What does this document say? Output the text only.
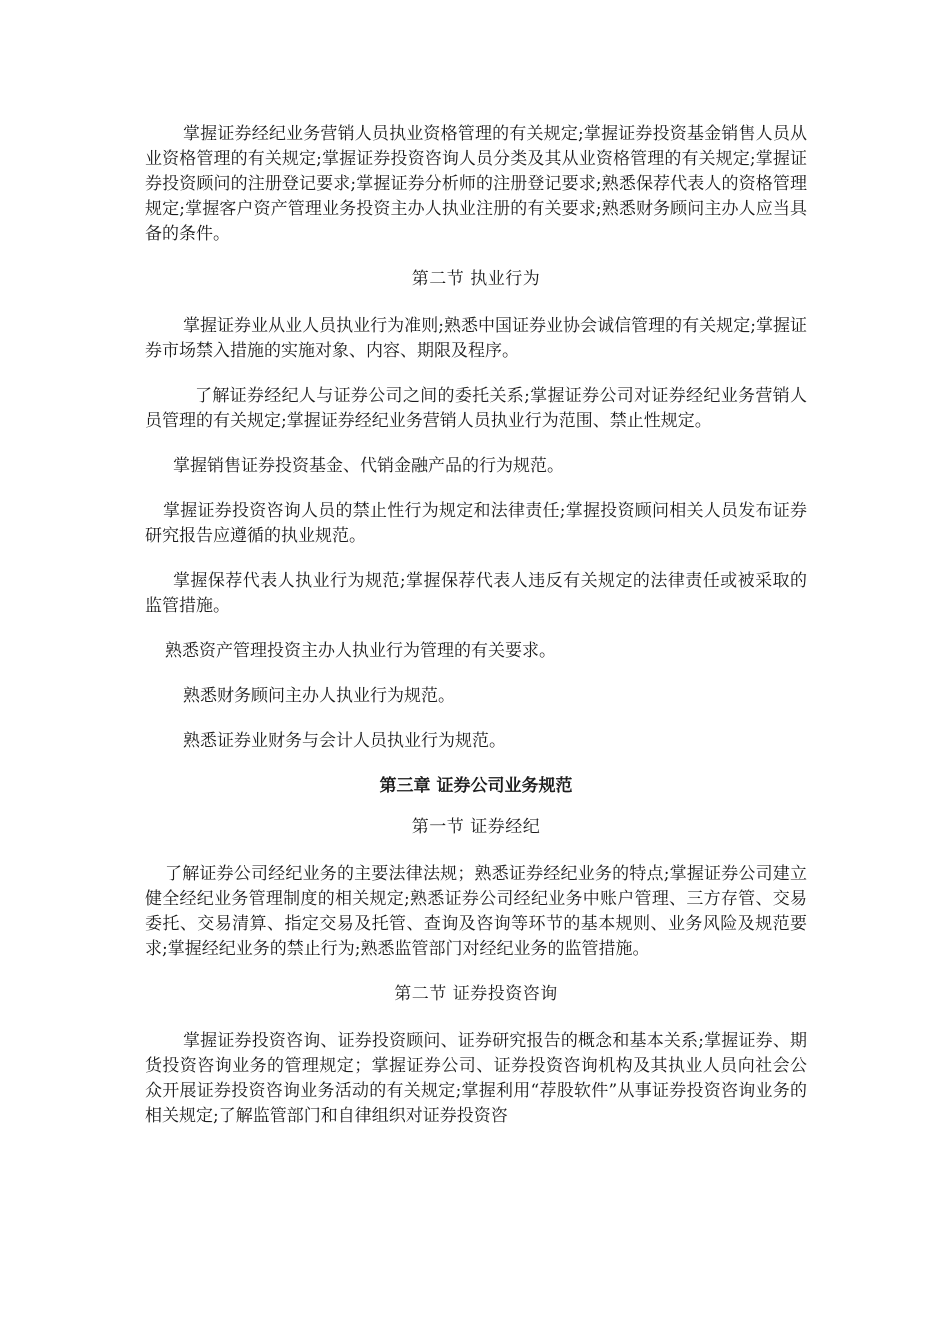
掌握证券经纪业务营销人员执业资格管理的有关规定;掌握证券投资基金销售人员从业资格管理的有关规定;掌握证券投资咨询人员分类及其从业资格管理的有关规定;掌握证券投资顾问的注册登记要求;掌握证券分析师的注册登记要求;熟悉保荐代表人的资格管理规定;掌握客户资产管理业务投资主办人执业注册的有关要求;熟悉财务顾问主办人应当具备的条件。

第二节 执业行为

掌握证券业从业人员执业行为准则;熟悉中国证券业协会诚信管理的有关规定;掌握证券市场禁入措施的实施对象、内容、期限及程序。

了解证券经纪人与证券公司之间的委托关系;掌握证券公司对证券经纪业务营销人员管理的有关规定;掌握证券经纪业务营销人员执业行为范围、禁止性规定。

掌握销售证券投资基金、代销金融产品的行为规范。

掌握证券投资咨询人员的禁止性行为规定和法律责任;掌握投资顾问相关人员发布证券研究报告应遵循的执业规范。

掌握保荐代表人执业行为规范;掌握保荐代表人违反有关规定的法律责任或被采取的监管措施。

熟悉资产管理投资主办人执业行为管理的有关要求。

熟悉财务顾问主办人执业行为规范。

熟悉证券业财务与会计人员执业行为规范。

第三章 证券公司业务规范
第一节 证券经纪

了解证券公司经纪业务的主要法律法规；熟悉证券经纪业务的特点;掌握证券公司建立健全经纪业务管理制度的相关规定;熟悉证券公司经纪业务中账户管理、三方存管、交易委托、交易清算、指定交易及托管、查询及咨询等环节的基本规则、业务风险及规范要求;掌握经纪业务的禁止行为;熟悉监管部门对经纪业务的监管措施。

第二节 证券投资咨询

掌握证券投资咨询、证券投资顾问、证券研究报告的概念和基本关系;掌握证券、期货投资咨询业务的管理规定；掌握证券公司、证券投资咨询机构及其执业人员向社会公众开展证券投资咨询业务活动的有关规定;掌握利用“荐股软件”从事证券投资咨询业务的相关规定;了解监管部门和自律组织对证券投资咨
